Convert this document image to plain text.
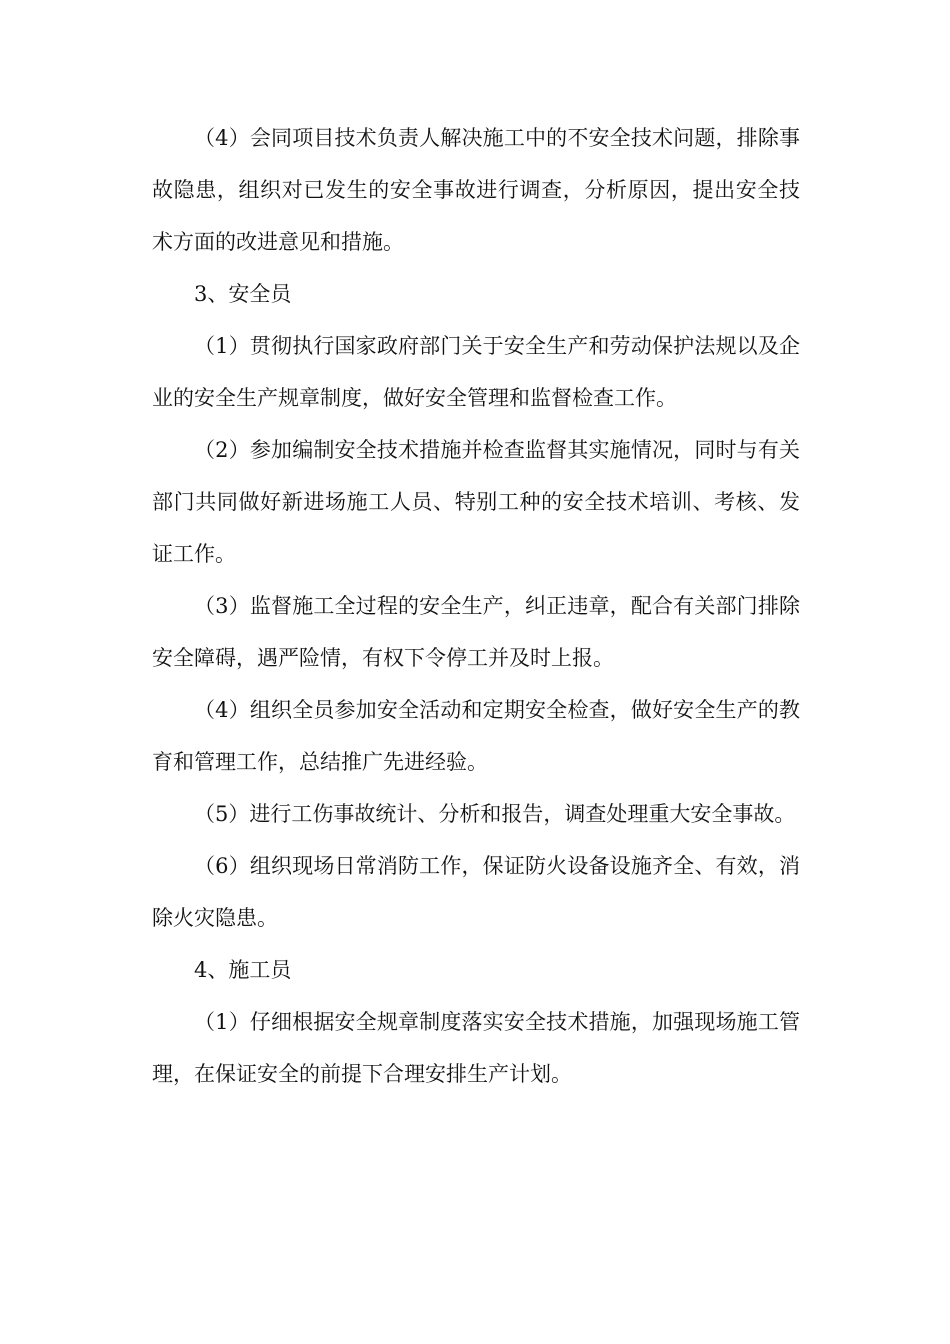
（4）会同项目技术负责人解决施工中的不安全技术问题，排除事故隐患，组织对已发生的安全事故进行调查，分析原因，提出安全技术方面的改进意见和措施。

3、安全员

（1）贯彻执行国家政府部门关于安全生产和劳动保护法规以及企业的安全生产规章制度，做好安全管理和监督检查工作。

（2）参加编制安全技术措施并检查监督其实施情况，同时与有关部门共同做好新进场施工人员、特别工种的安全技术培训、考核、发证工作。

（3）监督施工全过程的安全生产，纠正违章，配合有关部门排除安全障碍，遇严险情，有权下令停工并及时上报。

（4）组织全员参加安全活动和定期安全检查，做好安全生产的教育和管理工作，总结推广先进经验。

（5）进行工伤事故统计、分析和报告，调查处理重大安全事故。

（6）组织现场日常消防工作，保证防火设备设施齐全、有效，消除火灾隐患。

4、施工员

（1）仔细根据安全规章制度落实安全技术措施，加强现场施工管理，在保证安全的前提下合理安排生产计划。
